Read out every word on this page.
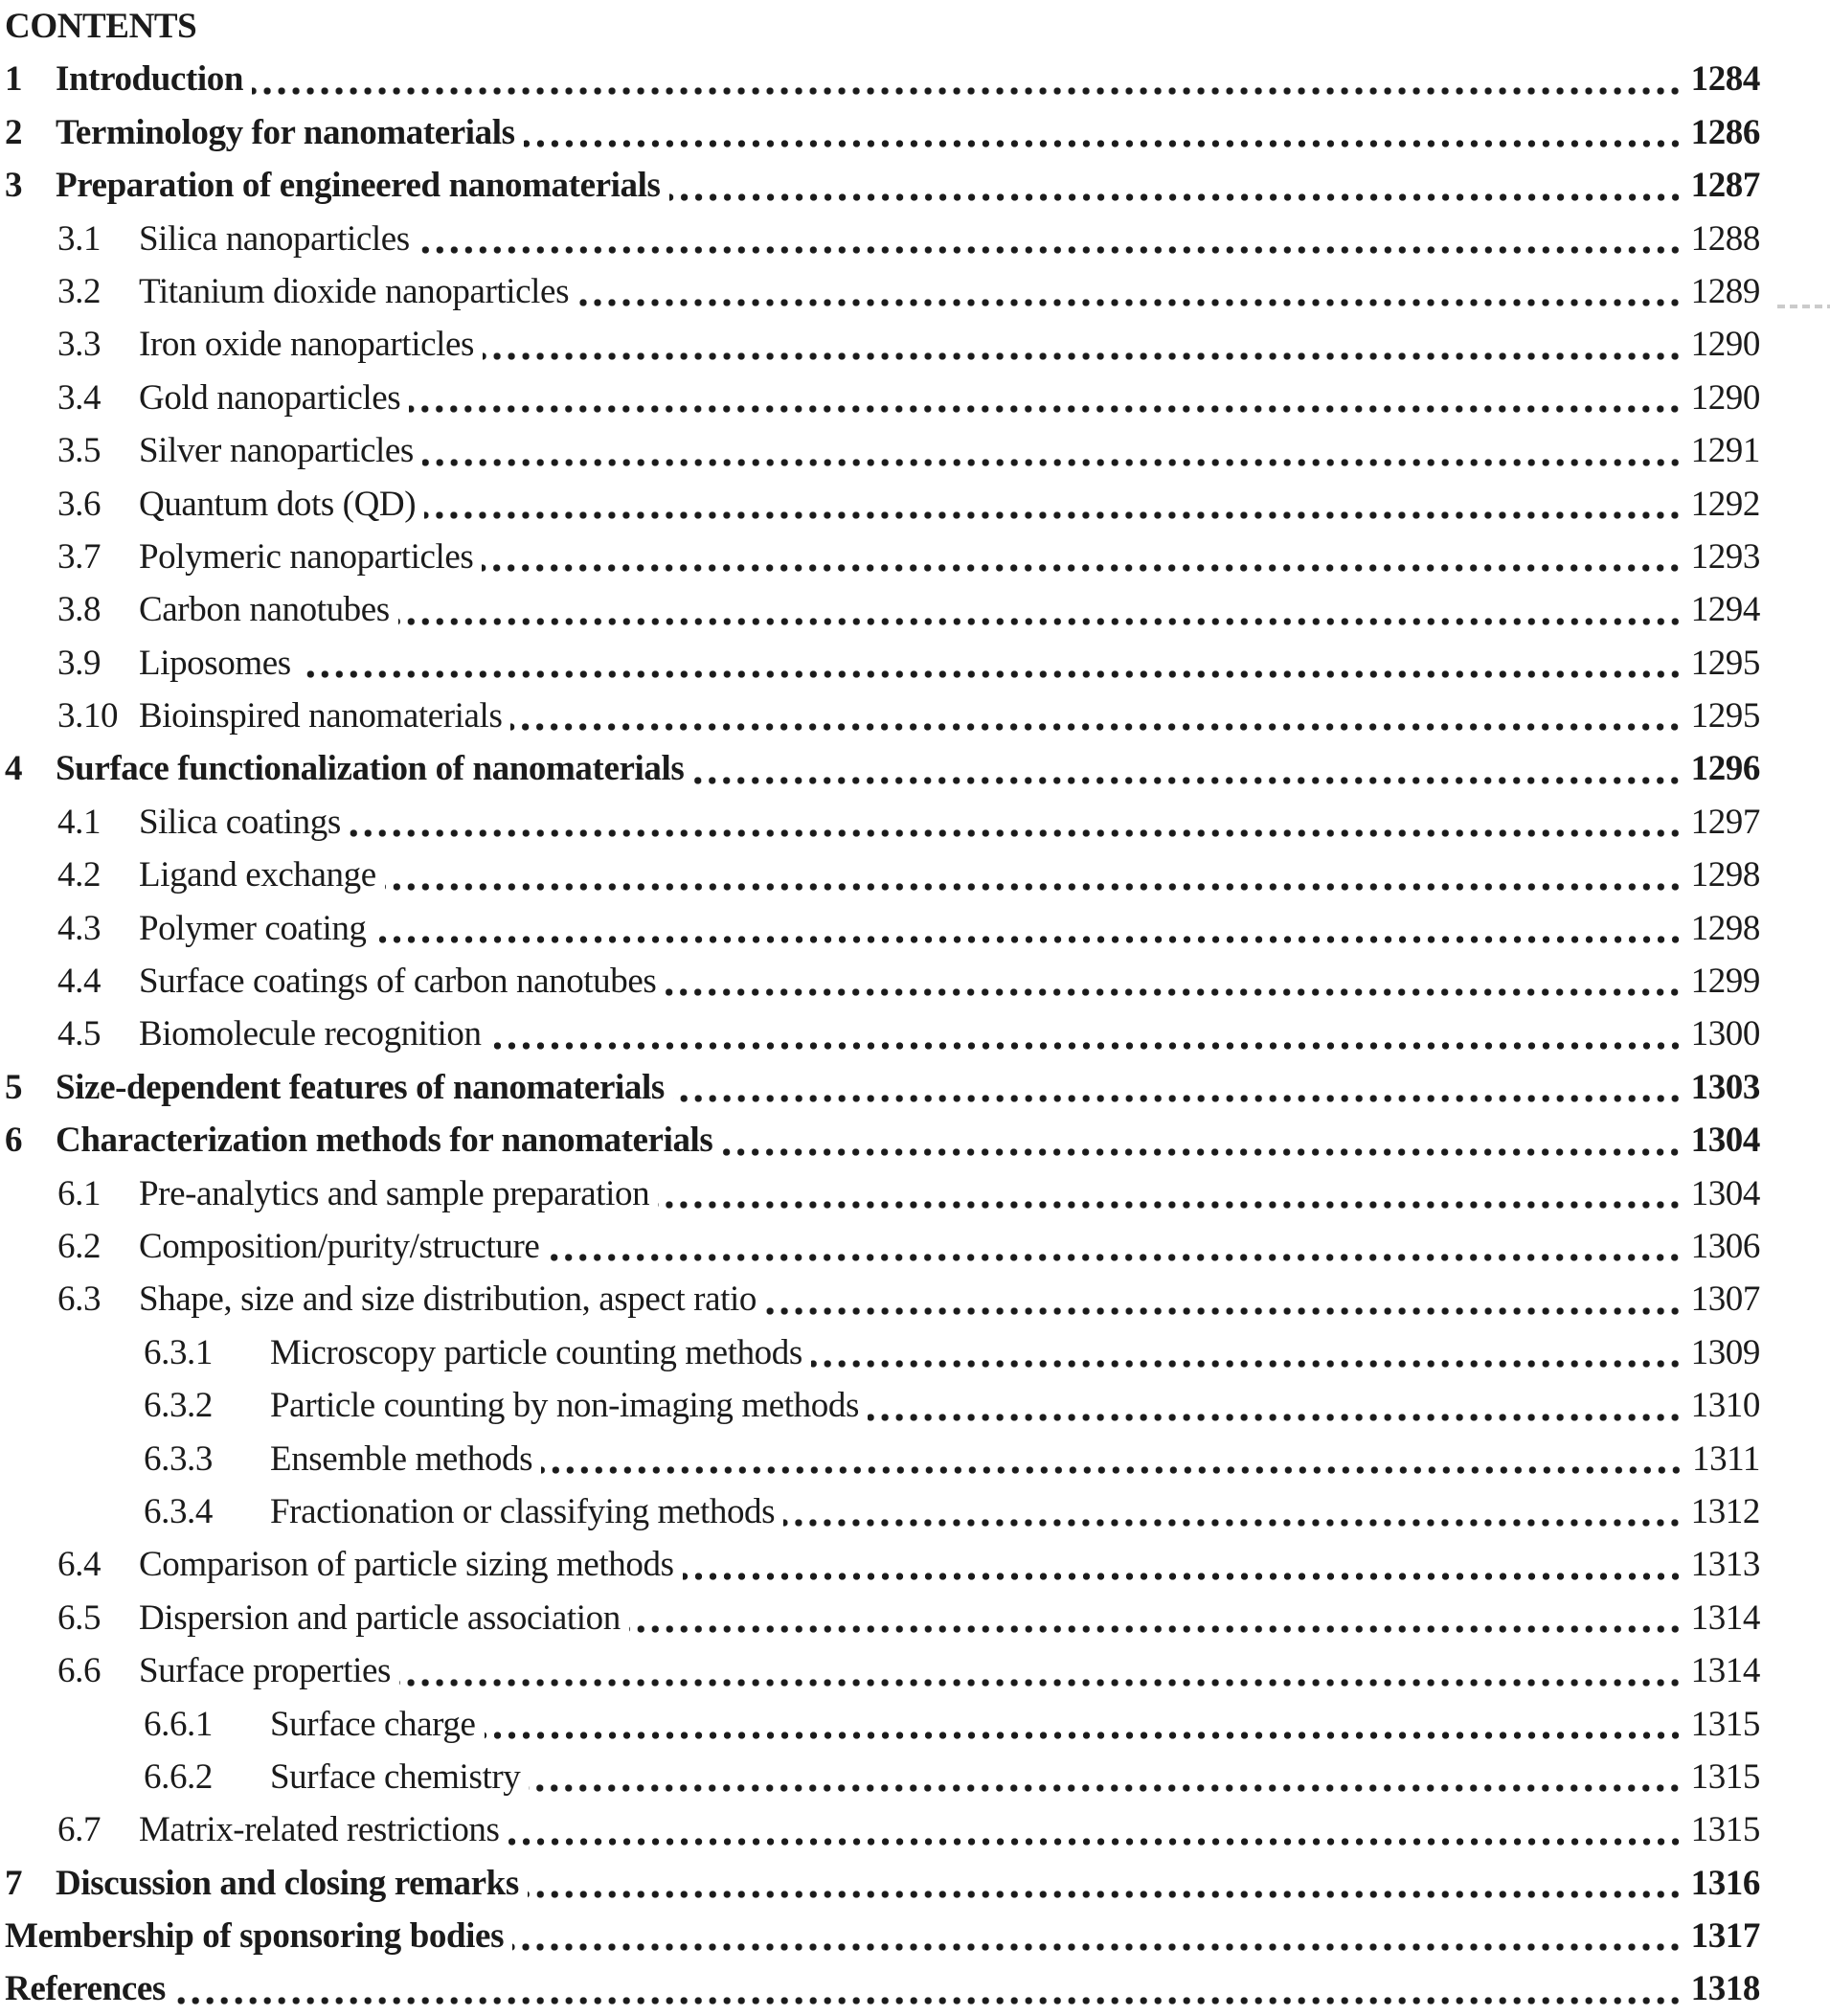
CONTENTS
1 Introduction	1284
2 Terminology for nanomaterials	1286
3 Preparation of engineered nanomaterials	1287
3.1	Silica nanoparticles	1288
3.2	Titanium dioxide nanoparticles	1289
3.3	Iron oxide nanoparticles	1290
3.4	Gold nanoparticles	1290
3.5	Silver nanoparticles	1291
3.6	Quantum dots (QD)	1292
3.7	Polymeric nanoparticles	1293
3.8	Carbon nanotubes	1294
3.9	Liposomes	1295
3.10 Bioinspired nanomaterials	1295
4 Surface functionalization of nanomaterials	1296
4.1	Silica coatings	1297
4.2	Ligand exchange	1298
4.3	Polymer coating	1298
4.4	Surface coatings of carbon nanotubes	1299
4.5	Biomolecule recognition	1300
5 Size-dependent features of nanomaterials	1303
6 Characterization methods for nanomaterials	1304
6.1	Pre-analytics and sample preparation	1304
6.2	Composition/purity/structure	1306
6.3	Shape, size and size distribution, aspect ratio	1307
6.3.1	Microscopy particle counting methods	1309
6.3.2	Particle counting by non-imaging methods	1310
6.3.3	Ensemble methods	1311
6.3.4	Fractionation or classifying methods	1312
6.4	Comparison of particle sizing methods	1313
6.5	Dispersion and particle association	1314
6.6	Surface properties	1314
6.6.1	Surface charge	1315
6.6.2	Surface chemistry	1315
6.7	Matrix-related restrictions	1315
7 Discussion and closing remarks	1316
Membership of sponsoring bodies	1317
References	1318
